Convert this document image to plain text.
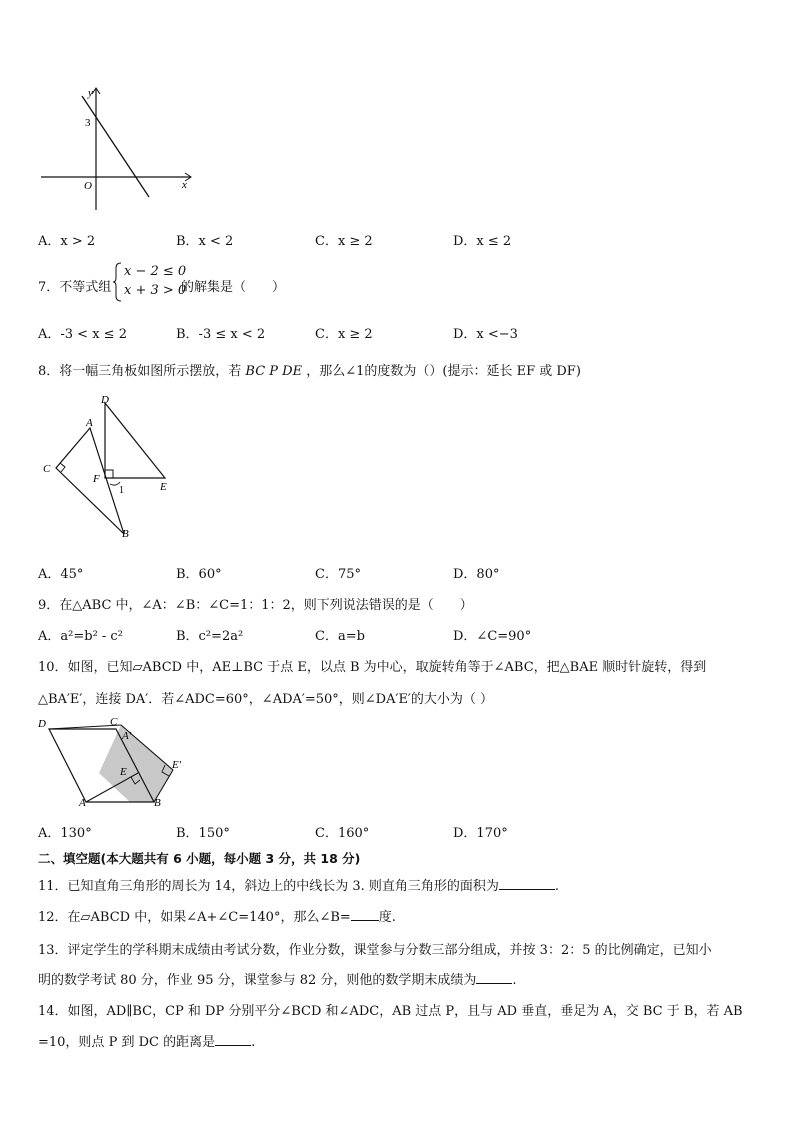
y
x
O
3
A．x > 2	B．x < 2	C．x ≥ 2	D．x ≤ 2
7．不等式组
x − 2 ≤ 0
x + 3 > 0
的解集是（　　）
A．-3 < x ≤ 2	B．-3 ≤ x < 2	C．x ≥ 2	D．x <−3
8．将一幅三角板如图所示摆放，若 BC P DE ，那么∠1的度数为（）(提示：延长 EF 或 DF)
A
D
C
F
1	E
B
A．45°	B．60°	C．75°	D．80°
9．在△ABC 中，∠A：∠B：∠C=1：1：2，则下列说法错误的是（　　）
A．a²=b² - c²	B．c²=2a²	C．a=b	D．∠C=90°
10．如图，已知▱ABCD 中，AE⊥BC 于点 E，以点 B 为中心，取旋转角等于∠ABC，把△BAE 顺时针旋转，得到
△BA′E′，连接 DA′．若∠ADC=60°，∠ADA′=50°，则∠DA′E′的大小为（ ）
D	C
A′
E′
E
A	B
A．130°	B．150°	C．160°	D．170°
二、填空题(本大题共有 6 小题，每小题 3 分，共 18 分)
11．已知直角三角形的周长为 14，斜边上的中线长为 3. 则直角三角形的面积为	.
12．在▱ABCD 中，如果∠A+∠C=140°，那么∠B= 度.
13．评定学生的学科期末成绩由考试分数，作业分数，课堂参与分数三部分组成，并按 3：2：5 的比例确定，已知小
明的数学考试 80 分，作业 95 分，课堂参与 82 分，则他的数学期末成绩为	.
14．如图，AD∥BC，CP 和 DP 分别平分∠BCD 和∠ADC，AB 过点 P，且与 AD 垂直，垂足为 A，交 BC 于 B，若 AB
=10，则点 P 到 DC 的距离是	.
